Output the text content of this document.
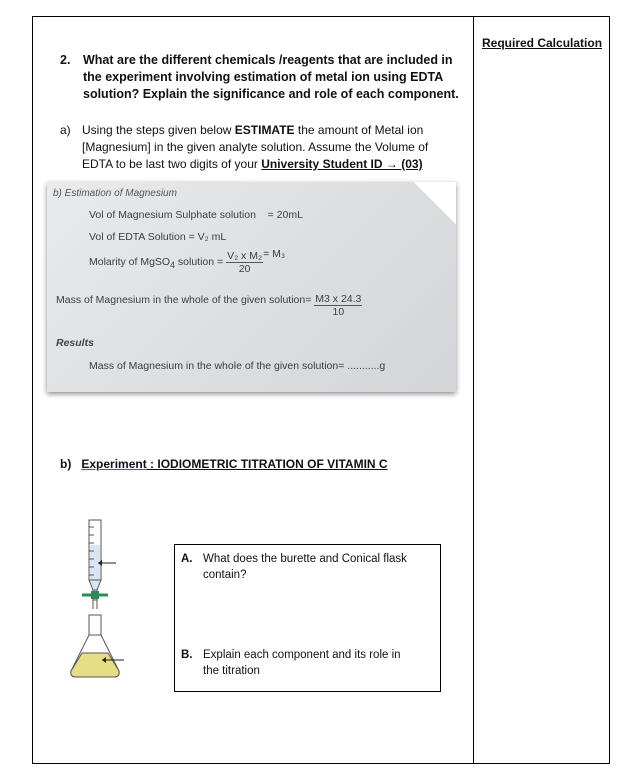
Required Calculation
2. What are the different chemicals /reagents that are included in the experiment involving estimation of metal ion using EDTA solution? Explain the significance and role of each component.
a) Using the steps given below ESTIMATE the amount of Metal ion [Magnesium] in the given analyte solution. Assume the Volume of EDTA to be last two digits of your University Student ID → (03)
b) Estimation of Magnesium
Vol of Magnesium Sulphate solution = 20mL
Vol of EDTA Solution = V₂ mL
Molarity of MgSO$_4$ solution = $\frac{\text{V₂ x M₂}}{20} = M_3$
Mass of Magnesium in the whole of the given solution= $\frac{M3 x 24.3}{10}$
Results
Mass of Magnesium in the whole of the given solution= ...........g
b) Experiment : IODIOMETRIC TITRATION OF VITAMIN C
A. What does the burette and Conical flask contain?
B. Explain each component and its role in the titration
